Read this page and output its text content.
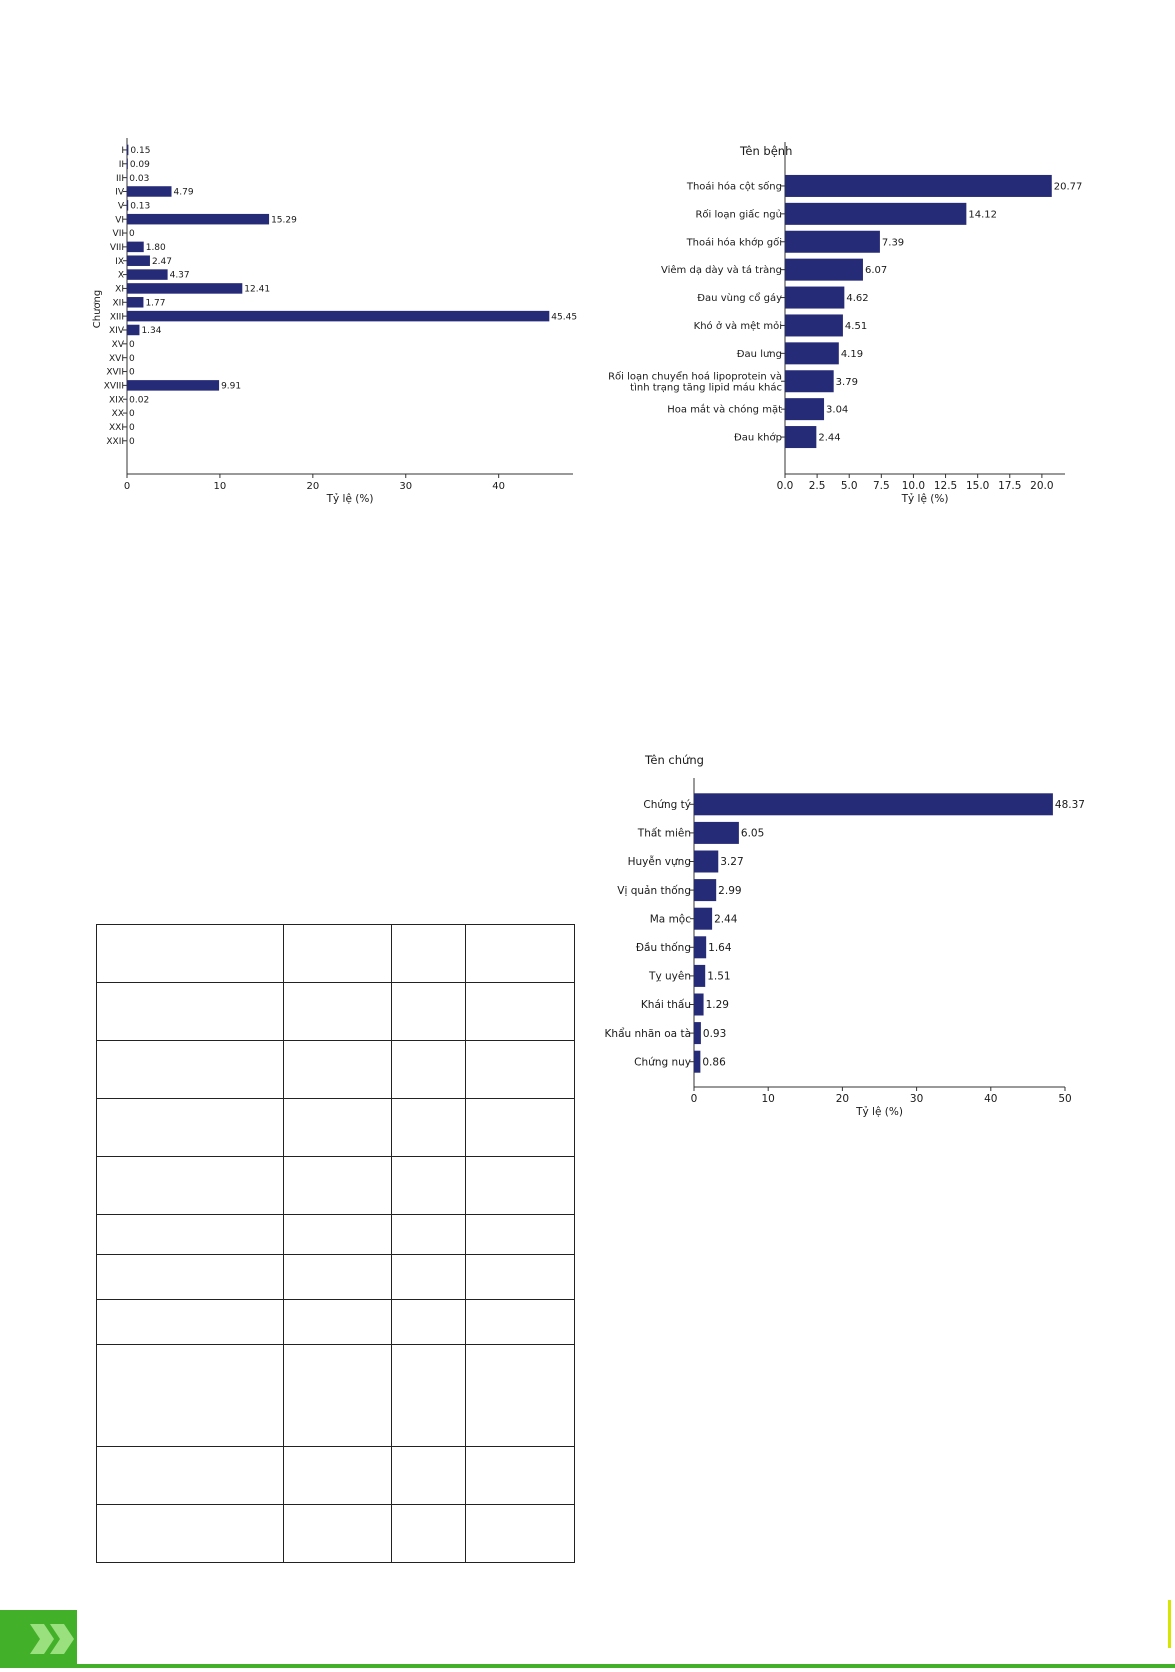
I 0.15
II 0.09
III 0.03
IV	4.79
V 0.13
VI	15.29
VII 0
VIII 1.80
IX	2.47
X	4.37
XI	12.41
XII 1.77
XIII	45.45
XIV 1.34
XV 0
XVI 0
XVII 0
XVIII	9.91
XIX 0.02
XX 0
XXI 0
XXII 0
0	10	20	30	40
Tỷ lệ (%)
Chương
Tên bệnh
Thoái hóa cột sống	20.77
Rối loạn giấc ngủ	14.12
Thoái hóa khớp gối	7.39
Viêm dạ dày và tá tràng	6.07
Đau vùng cổ gáy	4.62
Khó ở và mệt mỏi	4.51
Đau lưng	4.19
Rối loạn chuyển hoá lipoprotein và tình trạng tăng lipid máu khác	3.79
Hoa mắt và chóng mặt	3.04
Đau khớp	2.44
0.0 2.5 5.0 7.5 10.0 12.5 15.0 17.5 20.0
Tỷ lệ (%)
Tên chứng
Chứng tý	48.37
Thất miên	6.05
Huyễn vựng	3.27
Vị quản thống	2.99
Ma mộc 2.44
Đầu thống 1.64
Tỵ uyên 1.51
Khái thấu 1.29
Khẩu nhãn oa tà 0.93
Chứng nuy 0.86
0	10	20	30	40	50
Tỷ lệ (%)
